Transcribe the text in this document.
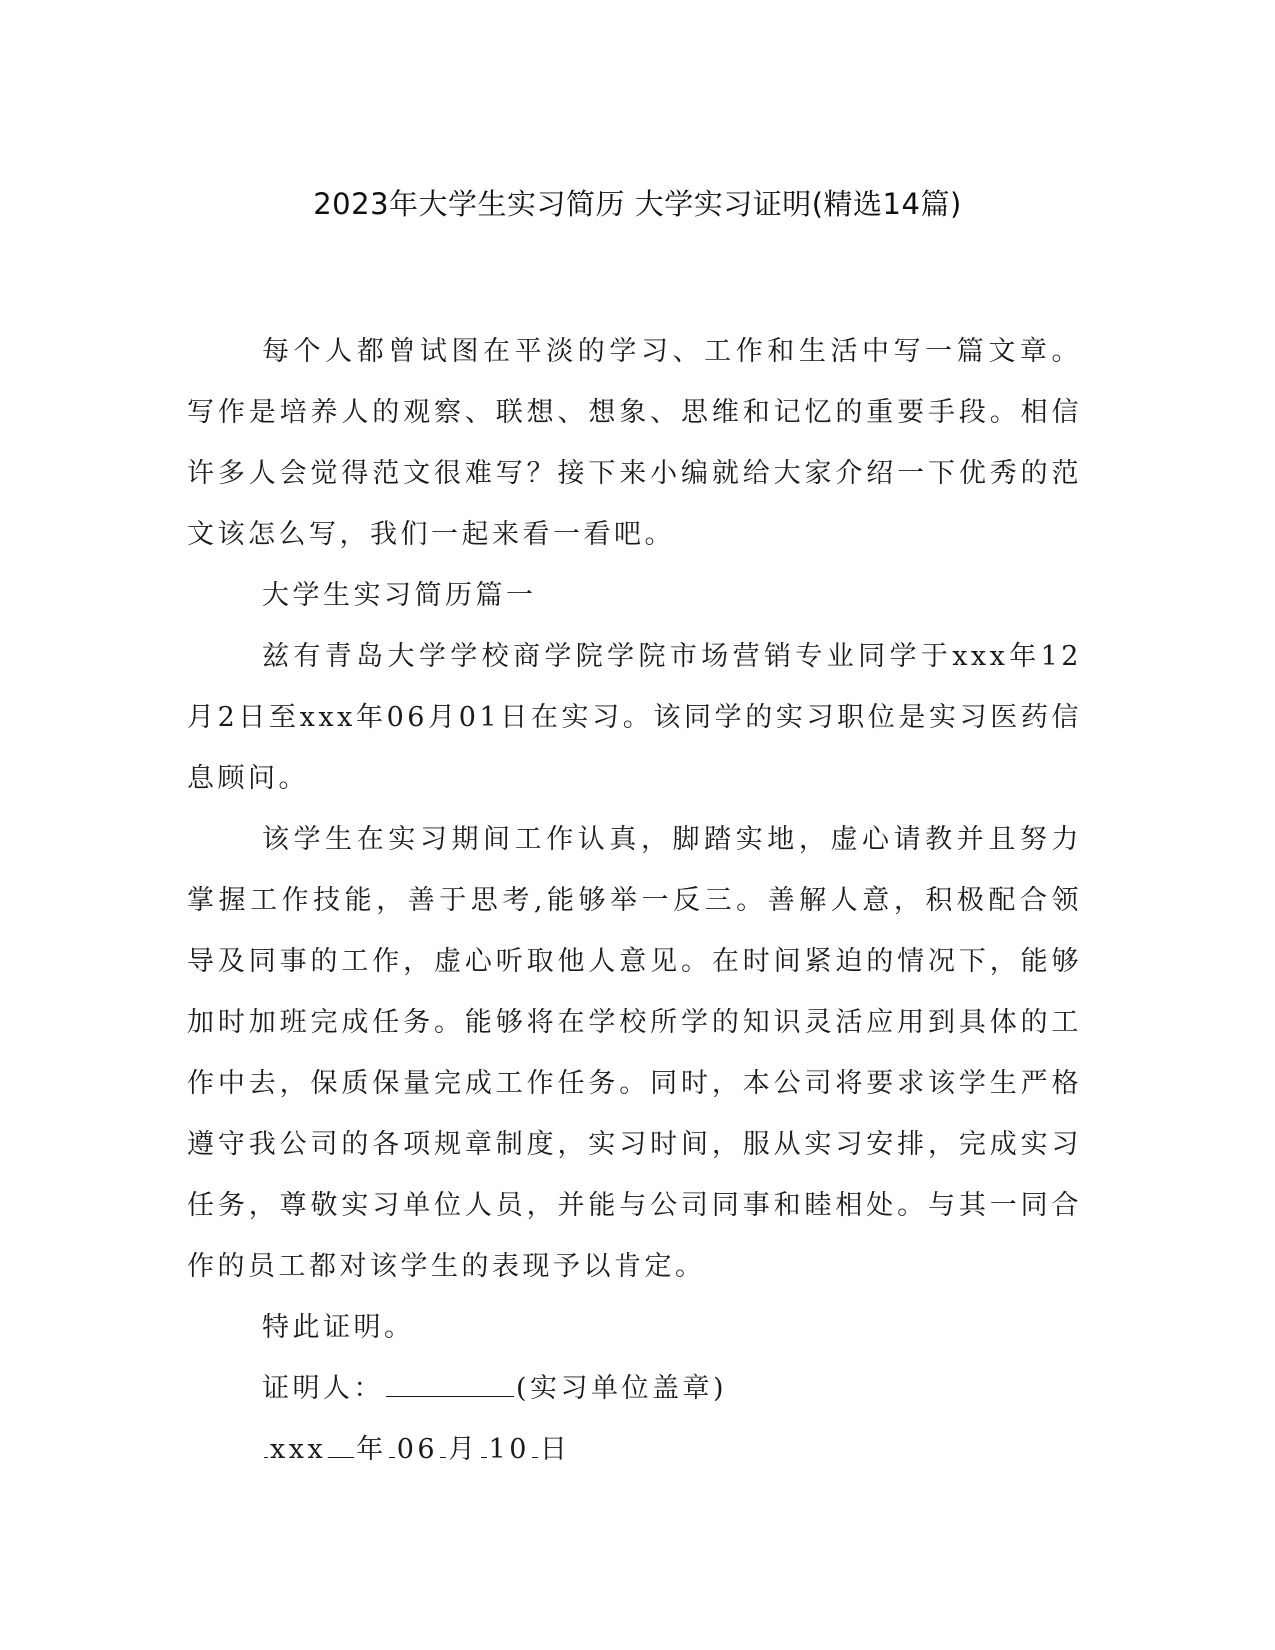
2023年大学生实习简历 大学实习证明(精选14篇)

每个人都曾试图在平淡的学习、工作和生活中写一篇文章。写作是培养人的观察、联想、想象、思维和记忆的重要手段。相信许多人会觉得范文很难写？接下来小编就给大家介绍一下优秀的范文该怎么写，我们一起来看一看吧。

大学生实习简历篇一

兹有青岛大学学校商学院学院市场营销专业同学于xxx年12月2日至xxx年06月01日在实习。该同学的实习职位是实习医药信息顾问。

该学生在实习期间工作认真，脚踏实地，虚心请教并且努力掌握工作技能，善于思考,能够举一反三。善解人意，积极配合领导及同事的工作，虚心听取他人意见。在时间紧迫的情况下，能够加时加班完成任务。能够将在学校所学的知识灵活应用到具体的工作中去，保质保量完成工作任务。同时，本公司将要求该学生严格遵守我公司的各项规章制度，实习时间，服从实习安排，完成实习任务，尊敬实习单位人员，并能与公司同事和睦相处。与其一同合作的员工都对该学生的表现予以肯定。

特此证明。

证明人：	(实习单位盖章)

xxx 年 06 月 10 日
